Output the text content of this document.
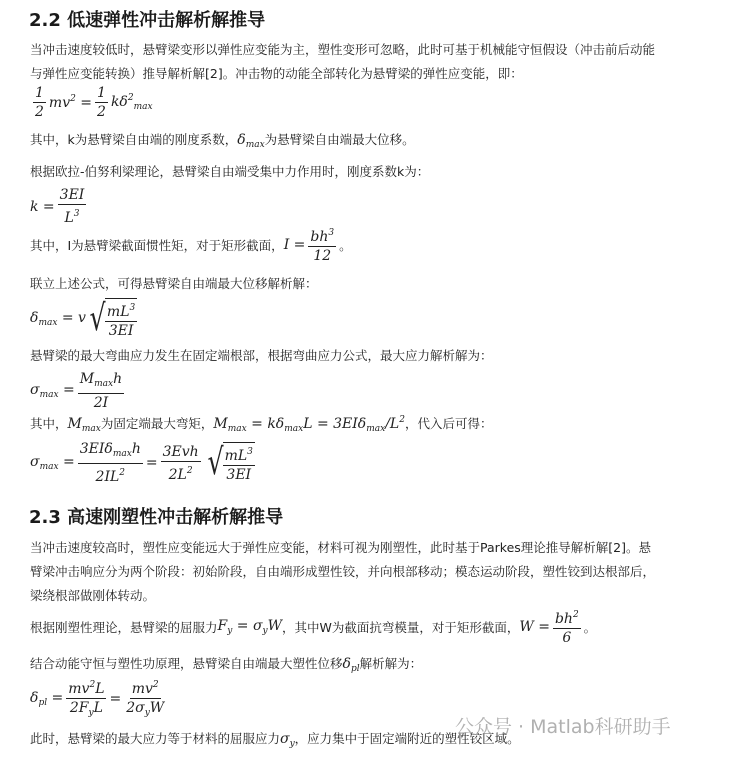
2.2 低速弹性冲击解析解推导
当冲击速度较低时，悬臂梁变形以弹性应变能为主，塑性变形可忽略，此时可基于机械能守恒假设（冲击前后动能
与弹性应变能转换）推导解析解[2]。冲击物的动能全部转化为悬臂梁的弹性应变能，即：
$\frac{1}{2} mv^2 = \frac{1}{2} k\delta^2_{max}$
其中，k为悬臂梁自由端的刚度系数，$\delta_{max}$为悬臂梁自由端最大位移。
根据欧拉-伯努利梁理论，悬臂梁自由端受集中力作用时，刚度系数k为：
$k = \frac{3EI}{L^3}$
其中，I为悬臂梁截面惯性矩，对于矩形截面， $I = \frac{bh^3}{12}$ 。
联立上述公式，可得悬臂梁自由端最大位移解析解：
$\delta_{max} = v$ √ $\frac{mL^3}{3EI}$
悬臂梁的最大弯曲应力发生在固定端根部，根据弯曲应力公式，最大应力解析解为：
$\sigma_{max} = \frac{M_{max}h}{2I}$
其中，$M_{max}$为固定端最大弯矩，$M_{max} = k\delta_{max}L = 3EI\delta_{max}/L^2$，代入后可得：
$\sigma_{max} = \frac{3EI\delta_{max}h}{2IL^2} = \frac{\text{3Evh}}{2L^2}$ √ $\frac{mL^3}{3EI}$
2.3 高速刚塑性冲击解析解推导
当冲击速度较高时，塑性应变能远大于弹性应变能，材料可视为刚塑性，此时基于Parkes理论推导解析解[2]。悬
臂梁冲击响应分为两个阶段：初始阶段，自由端形成塑性铰，并向根部移动；模态运动阶段，塑性铰到达根部后，
梁绕根部做刚体转动。
根据刚塑性理论，悬臂梁的屈服力 $F_y = \sigma_yW$ ，其中W为截面抗弯模量，对于矩形截面， $W = \frac{bh^2}{6}$ 。
结合动能守恒与塑性功原理，悬臂梁自由端最大塑性位移$\delta_{pl}$解析解为：
$\delta_{pl} = \frac{mv^2L}{2F_yL} = \frac{mv^2}{2\sigma_yW}$
此时，悬臂梁的最大应力等于材料的屈服应力$\sigma_y$，应力集中于固定端附近的塑性铰区域。
公众号 · Matlab科研助手
